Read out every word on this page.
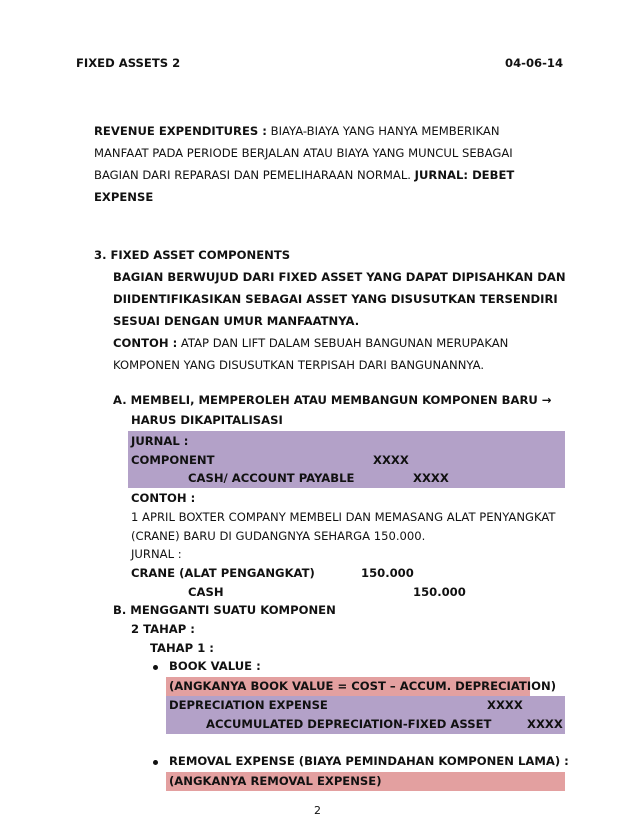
FIXED ASSETS 2	04-06-14
REVENUE EXPENDITURES : BIAYA-BIAYA YANG HANYA MEMBERIKAN
MANFAAT PADA PERIODE BERJALAN ATAU BIAYA YANG MUNCUL SEBAGAI
BAGIAN DARI REPARASI DAN PEMELIHARAAN NORMAL. JURNAL: DEBET
EXPENSE
3. FIXED ASSET COMPONENTS
BAGIAN BERWUJUD DARI FIXED ASSET YANG DAPAT DIPISAHKAN DAN
DIIDENTIFIKASIKAN SEBAGAI ASSET YANG DISUSUTKAN TERSENDIRI
SESUAI DENGAN UMUR MANFAATNYA.
CONTOH : ATAP DAN LIFT DALAM SEBUAH BANGUNAN MERUPAKAN
KOMPONEN YANG DISUSUTKAN TERPISAH DARI BANGUNANNYA.
A. MEMBELI, MEMPEROLEH ATAU MEMBANGUN KOMPONEN BARU →
HARUS DIKAPITALISASI
JURNAL :
COMPONENT	XXXX
CASH/ ACCOUNT PAYABLE	XXXX
CONTOH :
1 APRIL BOXTER COMPANY MEMBELI DAN MEMASANG ALAT PENYANGKAT
(CRANE) BARU DI GUDANGNYA SEHARGA 150.000.
JURNAL :
CRANE (ALAT PENGANGKAT)	150.000
CASH	150.000
B. MENGGANTI SUATU KOMPONEN
2 TAHAP :
TAHAP 1 :
BOOK VALUE :
(ANGKANYA BOOK VALUE = COST – ACCUM. DEPRECIATION)
DEPRECIATION EXPENSE	XXXX
ACCUMULATED DEPRECIATION-FIXED ASSET	XXXX
REMOVAL EXPENSE (BIAYA PEMINDAHAN KOMPONEN LAMA) :
(ANGKANYA REMOVAL EXPENSE)
2
